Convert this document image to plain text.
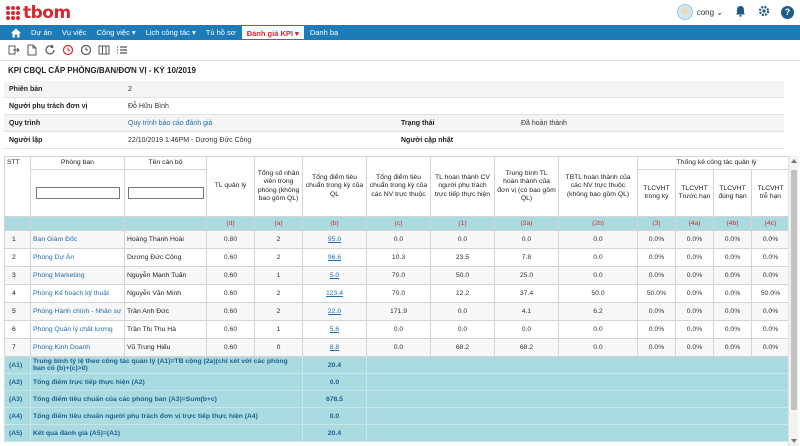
tbom	cong ⌄	?
Dự án	Vụ việc	Công việc ▾	Lịch công tác ▾	Tủ hồ sơ	Đánh giá KPI ▾	Danh bạ
KPI CBQL CẤP PHÒNG/BAN/ĐƠN VỊ - KỲ 10/2019
Phiên bản	2
Người phụ trách đơn vị	Đỗ Hữu Bình
Quy trình	Quy trình báo cáo đánh giá	Trạng thái	Đã hoàn thành
Người lập	22/10/2019 1:46PM - Dương Đức Công	Người cập nhật
STT	Phòng ban	Tên cán bộ	TL quản lý	Tổng số nhân viên trong phòng (không bao gồm QL)	Tổng điểm tiêu chuẩn trong kỳ của QL	Tổng điểm tiêu chuẩn trong kỳ của các NV trực thuộc	TL hoàn thành CV người phụ trách trực tiếp thực hiện	Trung bình TL hoàn thành của đơn vị (có bao gồm QL)	TBTL hoàn thành của các NV trực thuộc (không bao gồm QL)	Thống kê công tác quản lý				

									TLCVHT trong kỳ	TLCVHT Trước hạn	TLCVHT đúng hạn	TLCVHT trễ hạn	
			(d)	(a)	(b)	(c)	(1)	(2a)	(2b)	(3)	(4a)	(4b)	(4c)	
1	Ban Giám Đốc	Hoàng Thanh Hoài	0.80	2	95.0	0.0	0.0	0.0	0.0	0.0%	0.0%	0.0%	0.0%	
2	Phòng Dự Án	Dương Đức Công	0.60	2	96.6	10.3	23.5	7.8	0.0	0.0%	0.0%	0.0%	0.0%	
3	Phòng Marketing	Nguyễn Mạnh Tuấn	0.60	1	5.0	70.0	50.0	25.0	0.0	0.0%	0.0%	0.0%	0.0%	
4	Phòng Kế hoạch kỹ thuật	Nguyễn Văn Minh	0.60	2	123.4	70.0	12.2	37.4	50.0	50.0%	0.0%	0.0%	50.0%	
5	Phòng Hành chính - Nhân sự	Trần Anh Đức	0.60	2	22.0	171.9	0.0	4.1	6.2	0.0%	0.0%	0.0%	0.0%	
6	Phòng Quản lý chất lượng	Trần Thị Thu Hà	0.60	1	5.6	0.0	0.0	0.0	0.0	0.0%	0.0%	0.0%	0.0%	
7	Phòng Kinh Doanh	Vũ Trung Hiếu	0.60	0	8.8	0.0	68.2	68.2	0.0	0.0%	0.0%	0.0%	0.0%	
(A1)	Trung bình tỷ lệ theo công tác quản lý (A1)=TB cộng (2a)(chỉ xét với các phòng ban có (b)+(c)>0)				20.4									
(A2)	Tổng điểm trực tiếp thực hiện (A2)				0.0									
(A3)	Tổng điểm tiêu chuẩn của các phòng ban (A3)=Sum(b+c)				678.5									
(A4)	Tổng điểm tiêu chuẩn người phụ trách đơn vị trực tiếp thực hiện (A4)				0.0									
(A5)	Kết quả đánh giá (A5)=(A1)				20.4									
